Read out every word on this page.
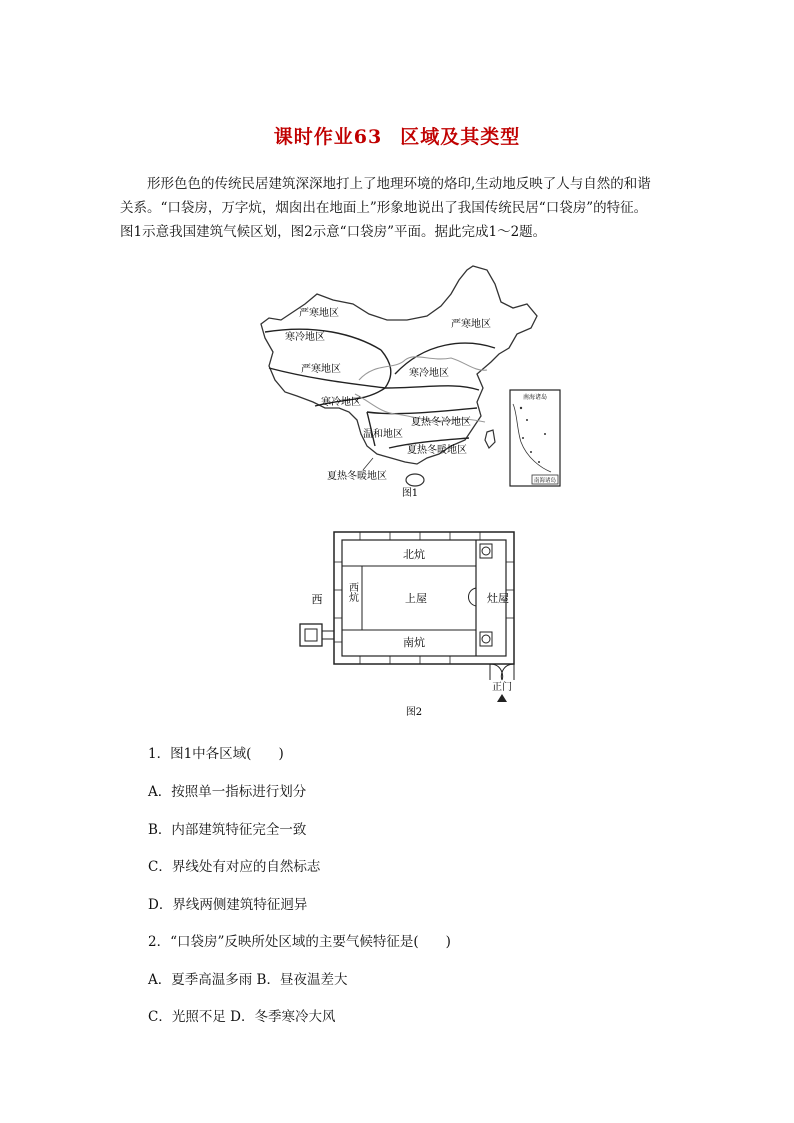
课时作业63 区域及其类型

形形色色的传统民居建筑深深地打上了地理环境的烙印,生动地反映了人与自然的和谐

关系。“口袋房，万字炕，烟囱出在地面上”形象地说出了我国传统民居“口袋房”的特征。

图1示意我国建筑气候区划，图2示意“口袋房”平面。据此完成1～2题。

严寒地区
严寒地区
寒冷地区
严寒地区	寒冷地区
寒冷地区
夏热冬冷地区
温和地区
夏热冬暖地区
夏热冬暖地区
南海诸岛
南海诸岛
图1
西
北炕
西炕	上屋	灶屋
南炕
正门
图2
1．图1中各区域(　　)
A．按照单一指标进行划分
B．内部建筑特征完全一致
C．界线处有对应的自然标志
D．界线两侧建筑特征迥异
2．“口袋房”反映所处区域的主要气候特征是(　　)
A．夏季高温多雨 B．昼夜温差大
C．光照不足 D．冬季寒冷大风
